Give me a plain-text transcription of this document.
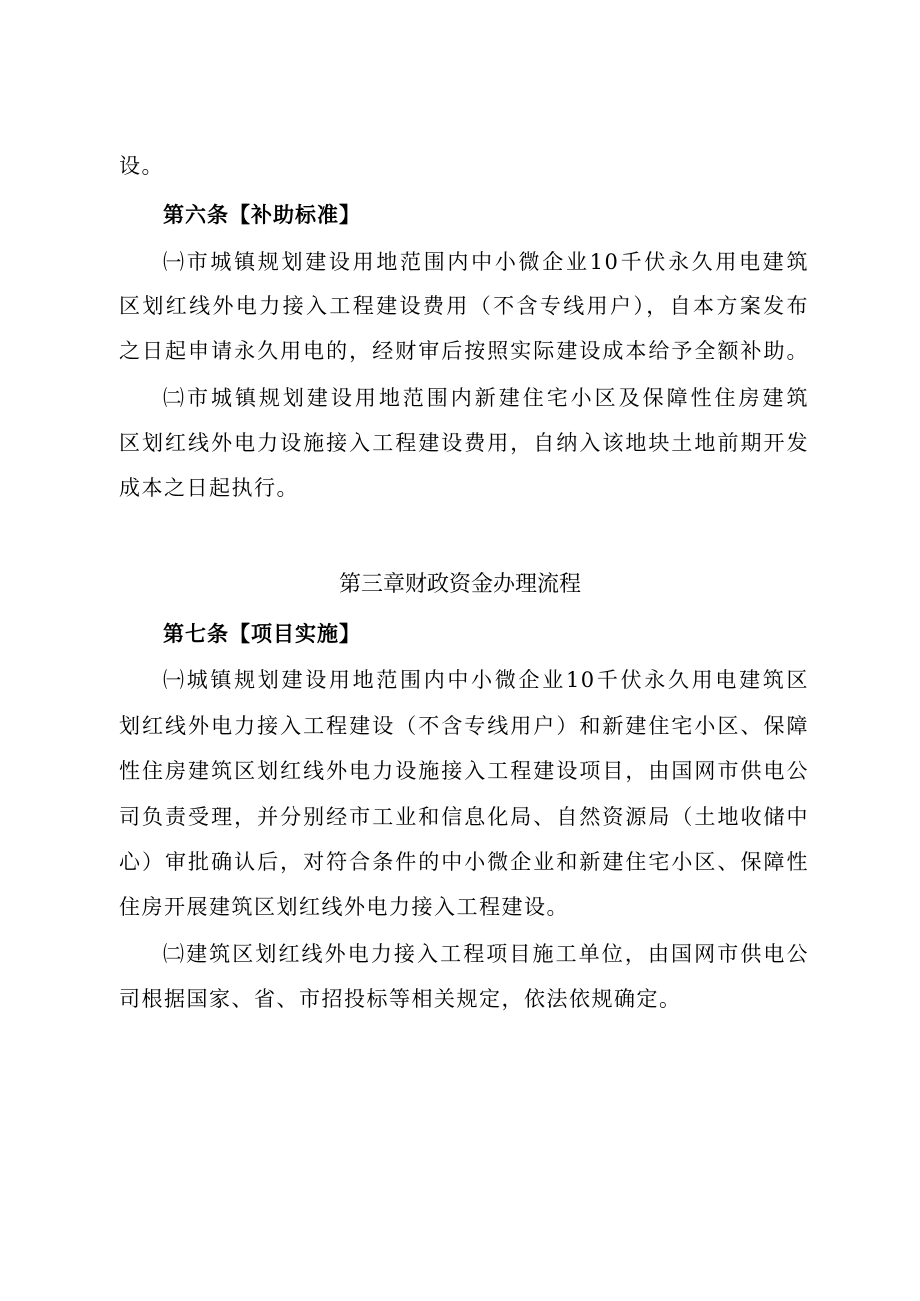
设。
第六条【补助标准】
㈠市城镇规划建设用地范围内中小微企业10千伏永久用电建筑
区划红线外电力接入工程建设费用（不含专线用户），自本方案发布
之日起申请永久用电的，经财审后按照实际建设成本给予全额补助。
㈡市城镇规划建设用地范围内新建住宅小区及保障性住房建筑
区划红线外电力设施接入工程建设费用，自纳入该地块土地前期开发
成本之日起执行。
第三章财政资金办理流程
第七条【项目实施】
㈠城镇规划建设用地范围内中小微企业10千伏永久用电建筑区
划红线外电力接入工程建设（不含专线用户）和新建住宅小区、保障
性住房建筑区划红线外电力设施接入工程建设项目，由国网市供电公
司负责受理，并分别经市工业和信息化局、自然资源局（土地收储中
心）审批确认后，对符合条件的中小微企业和新建住宅小区、保障性
住房开展建筑区划红线外电力接入工程建设。
㈡建筑区划红线外电力接入工程项目施工单位，由国网市供电公
司根据国家、省、市招投标等相关规定，依法依规确定。
